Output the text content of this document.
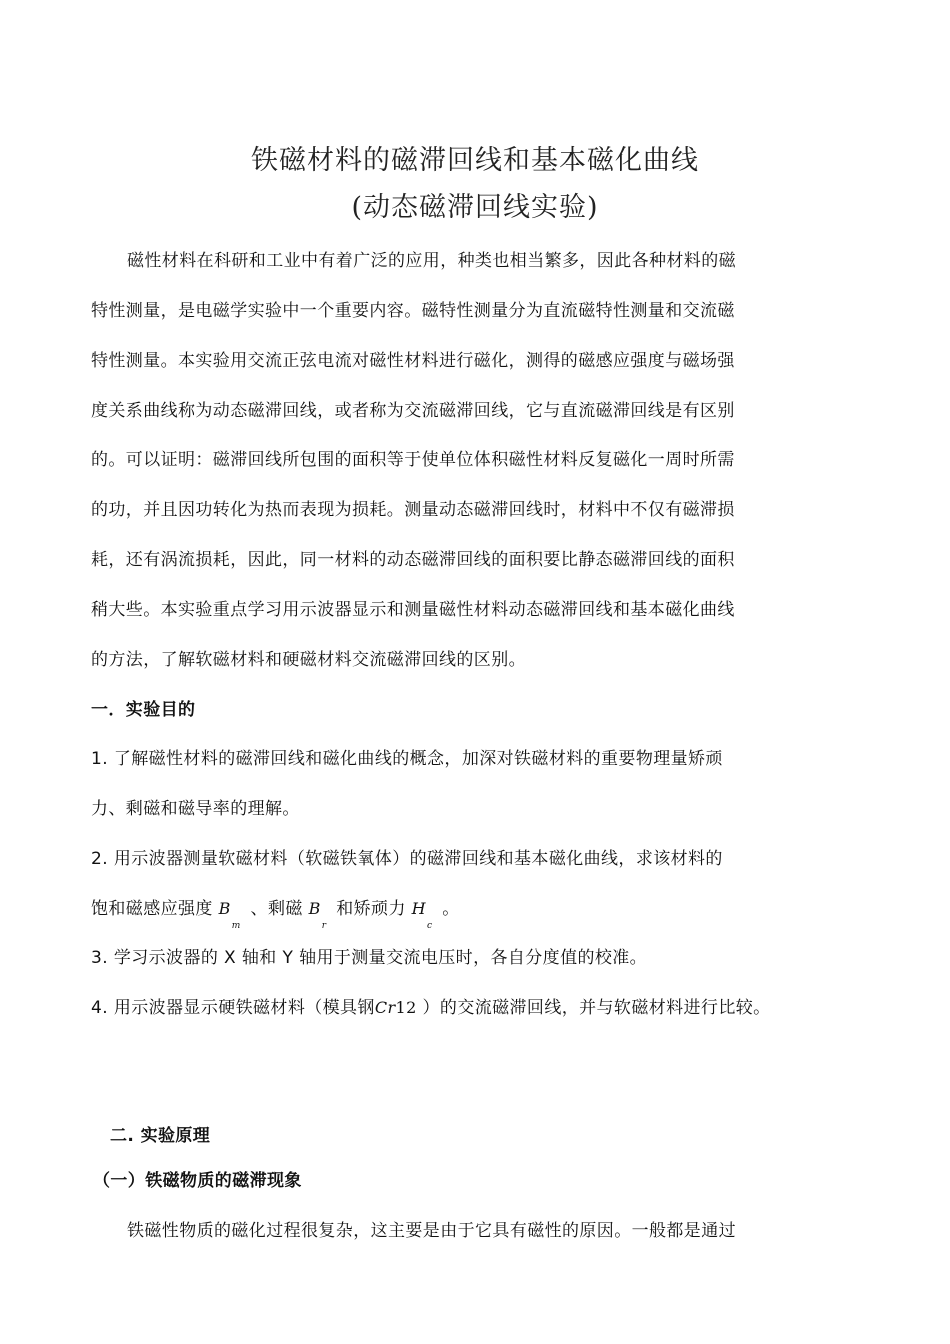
铁磁材料的磁滞回线和基本磁化曲线
(动态磁滞回线实验)
磁性材料在科研和工业中有着广泛的应用，种类也相当繁多，因此各种材料的磁
特性测量，是电磁学实验中一个重要内容。磁特性测量分为直流磁特性测量和交流磁
特性测量。本实验用交流正弦电流对磁性材料进行磁化，测得的磁感应强度与磁场强
度关系曲线称为动态磁滞回线，或者称为交流磁滞回线，它与直流磁滞回线是有区别
的。可以证明：磁滞回线所包围的面积等于使单位体积磁性材料反复磁化一周时所需
的功，并且因功转化为热而表现为损耗。测量动态磁滞回线时，材料中不仅有磁滞损
耗，还有涡流损耗，因此，同一材料的动态磁滞回线的面积要比静态磁滞回线的面积
稍大些。本实验重点学习用示波器显示和测量磁性材料动态磁滞回线和基本磁化曲线
的方法，了解软磁材料和硬磁材料交流磁滞回线的区别。
一．实验目的
1. 了解磁性材料的磁滞回线和磁化曲线的概念，加深对铁磁材料的重要物理量矫顽
力、剩磁和磁导率的理解。
2. 用示波器测量软磁材料（软磁铁氧体）的磁滞回线和基本磁化曲线，求该材料的
饱和磁感应强度 $B_m$ 、剩磁 $B_r$ 和矫顽力 $H_c$ 。
3. 学习示波器的 X 轴和 Y 轴用于测量交流电压时，各自分度值的校准。
4. 用示波器显示硬铁磁材料（模具钢Cr12 ）的交流磁滞回线，并与软磁材料进行比较。
二. 实验原理
（一）铁磁物质的磁滞现象
铁磁性物质的磁化过程很复杂，这主要是由于它具有磁性的原因。一般都是通过
